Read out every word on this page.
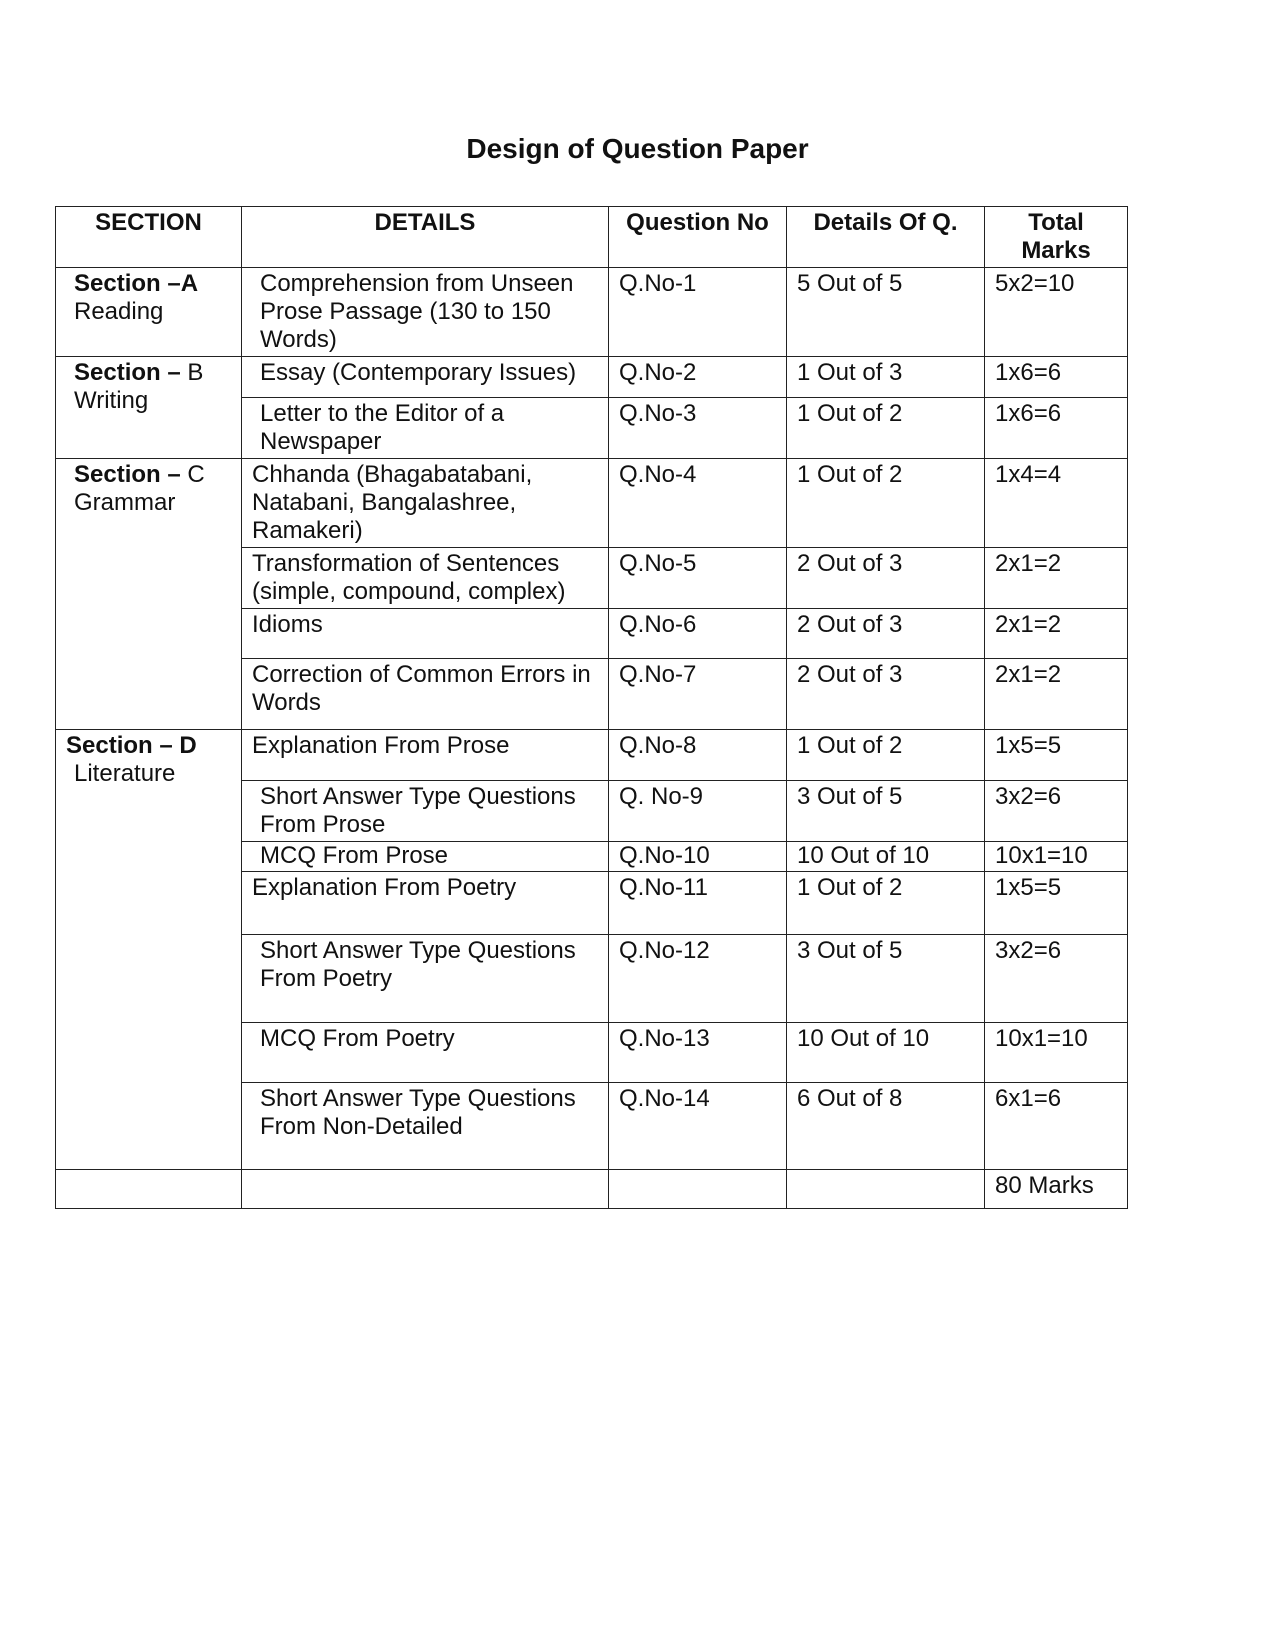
Design of Question Paper
SECTION	DETAILS	Question No	Details Of Q.	Total Marks
Section –A
Reading	Comprehension from Unseen Prose Passage (130 to 150 Words)	Q.No-1	5 Out of 5	5x2=10
Section – B
Writing	Essay (Contemporary Issues)	Q.No-2	1 Out of 3	1x6=6
	Letter to the Editor of a Newspaper	Q.No-3	1 Out of 2	1x6=6
Section – C
Grammar	Chhanda (Bhagabatabani, Natabani, Bangalashree, Ramakeri)	Q.No-4	1 Out of 2	1x4=4
	Transformation of Sentences (simple, compound, complex)	Q.No-5	2 Out of 3	2x1=2
	Idioms	Q.No-6	2 Out of 3	2x1=2
	Correction of Common Errors in Words	Q.No-7	2 Out of 3	2x1=2
Section – D
Literature	Explanation From Prose	Q.No-8	1 Out of 2	1x5=5
	Short Answer Type Questions From Prose	Q. No-9	3 Out of 5	3x2=6
	MCQ From Prose	Q.No-10	10 Out of 10	10x1=10
	Explanation From Poetry	Q.No-11	1 Out of 2	1x5=5
	Short Answer Type Questions From Poetry	Q.No-12	3 Out of 5	3x2=6
	MCQ From Poetry	Q.No-13	10 Out of 10	10x1=10
	Short Answer Type Questions From Non-Detailed	Q.No-14	6 Out of 8	6x1=6
				80 Marks
